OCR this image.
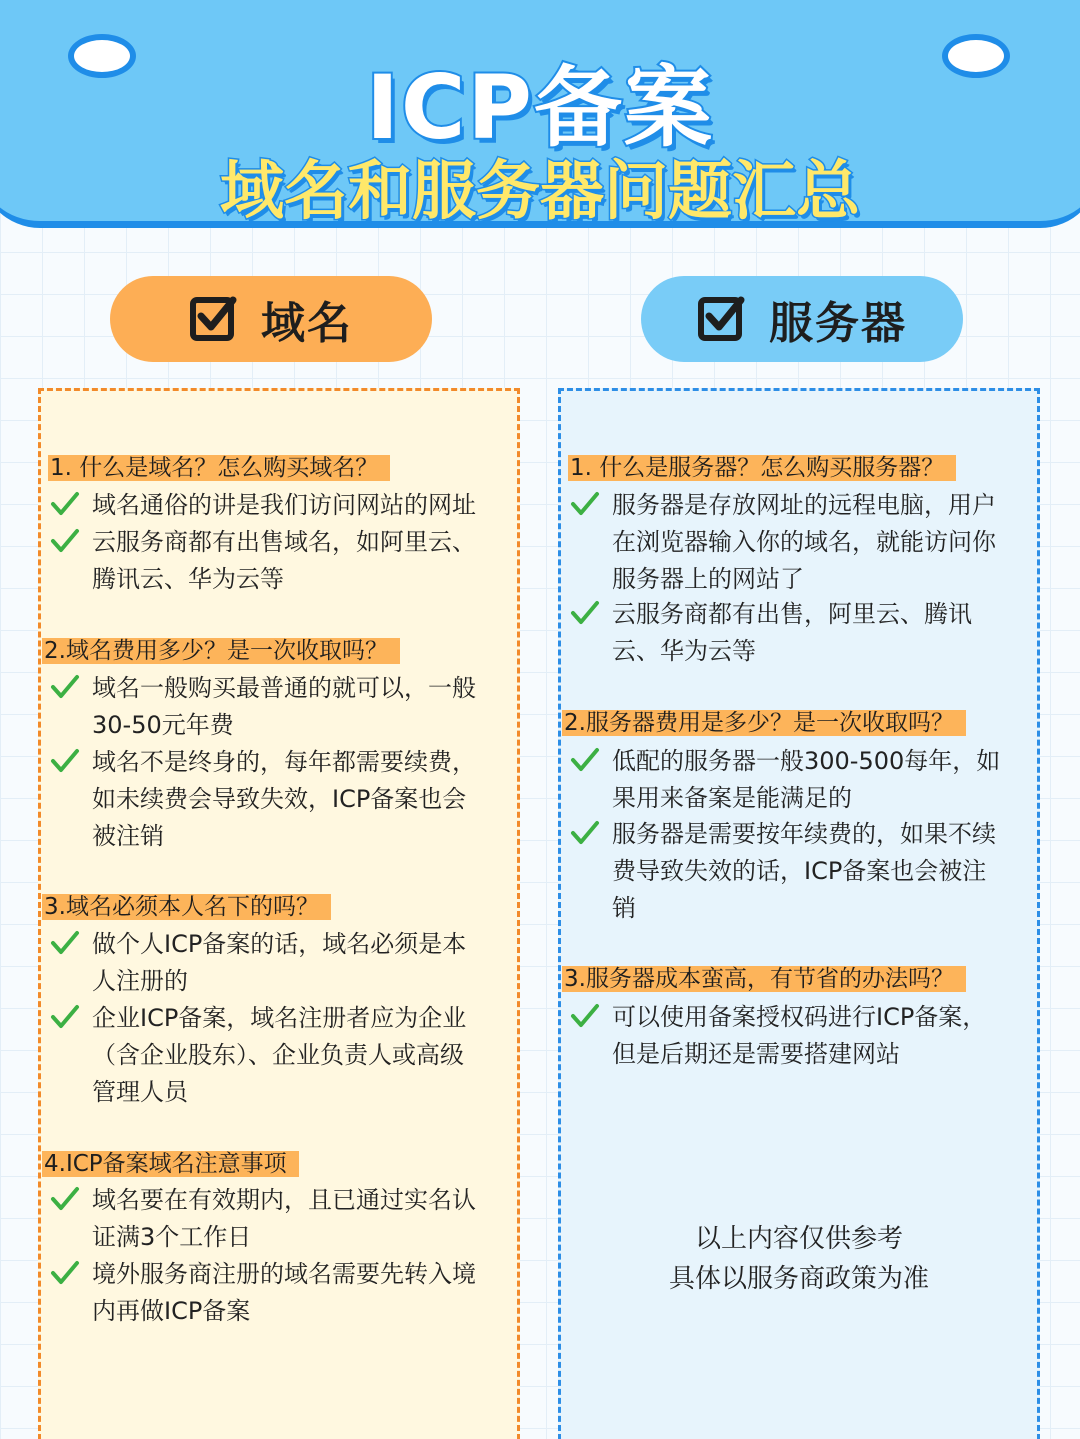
ICP备案
域名和服务器问题汇总
域名	服务器
1. 什么是域名？怎么购买域名？
域名通俗的讲是我们访问网站的网址
云服务商都有出售域名，如阿里云、
腾讯云、华为云等
2.域名费用多少？是一次收取吗？
域名一般购买最普通的就可以，一般
30-50元年费
域名不是终身的，每年都需要续费，
如未续费会导致失效，ICP备案也会
被注销
3.域名必须本人名下的吗？
做个人ICP备案的话，域名必须是本
人注册的
企业ICP备案，域名注册者应为企业
（含企业股东）、企业负责人或高级
管理人员
4.ICP备案域名注意事项
域名要在有效期内，且已通过实名认
证满3个工作日
境外服务商注册的域名需要先转入境
内再做ICP备案
1. 什么是服务器？怎么购买服务器？
服务器是存放网址的远程电脑，用户
在浏览器输入你的域名，就能访问你
服务器上的网站了
云服务商都有出售，阿里云、腾讯
云、华为云等
2.服务器费用是多少？是一次收取吗？
低配的服务器一般300-500每年，如
果用来备案是能满足的
服务器是需要按年续费的，如果不续
费导致失效的话，ICP备案也会被注
销
3.服务器成本蛮高，有节省的办法吗？
可以使用备案授权码进行ICP备案，
但是后期还是需要搭建网站
以上内容仅供参考
具体以服务商政策为准
